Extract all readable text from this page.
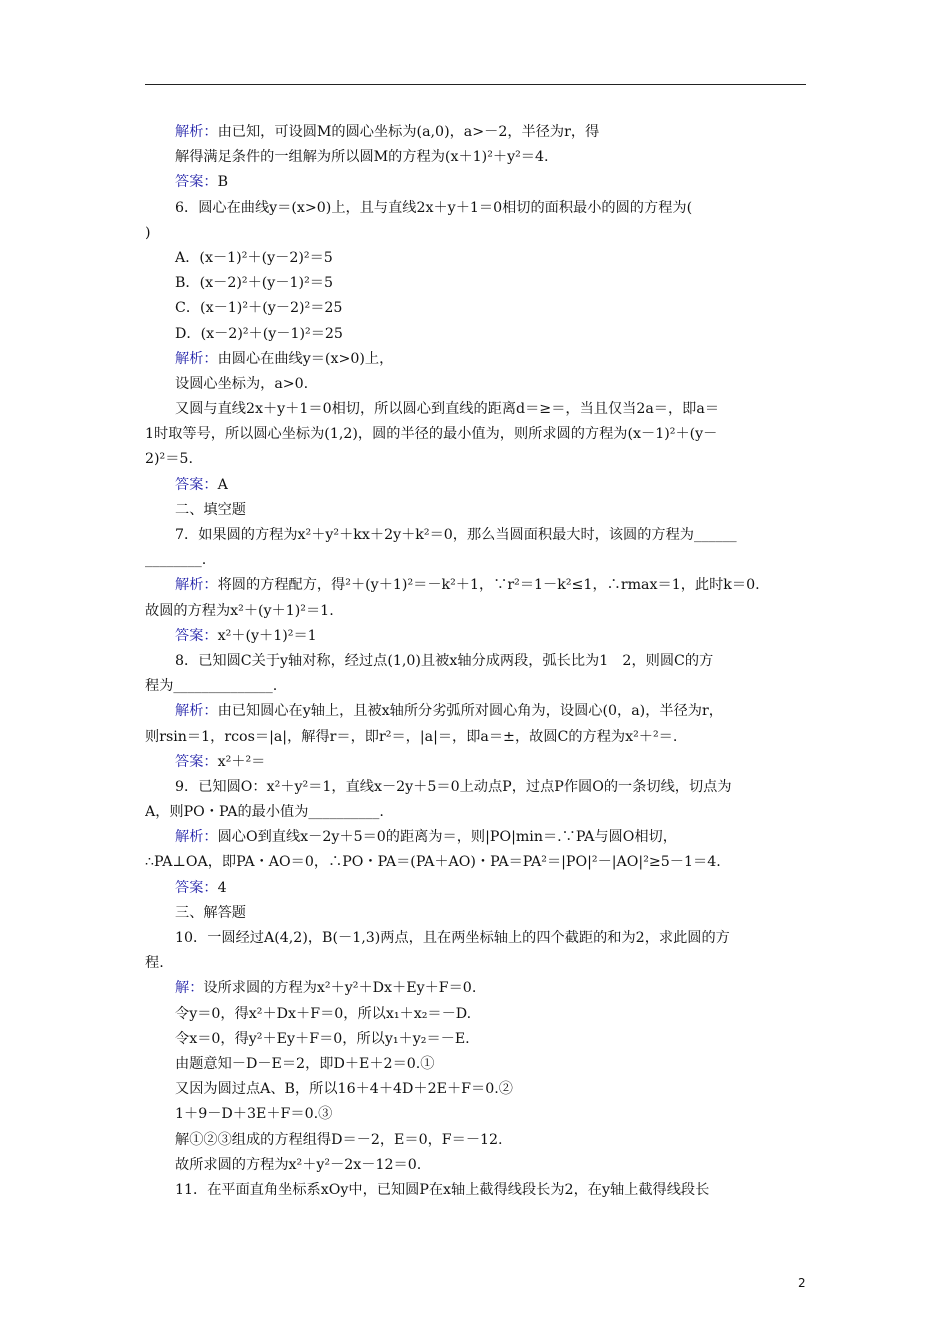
解析：由已知，可设圆M的圆心坐标为(a,0)，a>－2，半径为r，得
解得满足条件的一组解为所以圆M的方程为(x＋1)²＋y²＝4.
答案：B
6．圆心在曲线y＝(x>0)上，且与直线2x＋y＋1＝0相切的面积最小的圆的方程为(
)
A．(x－1)²＋(y－2)²＝5
B．(x－2)²＋(y－1)²＝5
C．(x－1)²＋(y－2)²＝25
D．(x－2)²＋(y－1)²＝25
解析：由圆心在曲线y＝(x>0)上，
设圆心坐标为，a>0.
又圆与直线2x＋y＋1＝0相切，所以圆心到直线的距离d＝≥＝，当且仅当2a＝，即a＝
1时取等号，所以圆心坐标为(1,2)，圆的半径的最小值为，则所求圆的方程为(x－1)²＋(y－
2)²＝5.
答案：A
二、填空题
7．如果圆的方程为x²＋y²＋kx＋2y＋k²＝0，那么当圆面积最大时，该圆的方程为______
________.
解析：将圆的方程配方，得²＋(y＋1)²＝－k²＋1，∵r²＝1－k²≤1，∴rmax＝1，此时k＝0.
故圆的方程为x²＋(y＋1)²＝1.
答案：x²＋(y＋1)²＝1
8．已知圆C关于y轴对称，经过点(1,0)且被x轴分成两段，弧长比为1　2，则圆C的方
程为______________.
解析：由已知圆心在y轴上，且被x轴所分劣弧所对圆心角为，设圆心(0，a)，半径为r，
则rsin＝1，rcos＝|a|，解得r＝，即r²＝，|a|＝，即a＝±，故圆C的方程为x²＋²＝.
答案：x²＋²＝
9．已知圆O：x²＋y²＝1，直线x－2y＋5＝0上动点P，过点P作圆O的一条切线，切点为
A，则PO・PA的最小值为__________.
解析：圆心O到直线x－2y＋5＝0的距离为＝，则|PO|min＝.∵PA与圆O相切，
∴PA⊥OA，即PA・AO＝0，∴PO・PA＝(PA＋AO)・PA＝PA²＝|PO|²－|AO|²≥5－1＝4.
答案：4
三、解答题
10．一圆经过A(4,2)，B(－1,3)两点，且在两坐标轴上的四个截距的和为2，求此圆的方
程.
解：设所求圆的方程为x²＋y²＋Dx＋Ey＋F＝0.
令y＝0，得x²＋Dx＋F＝0，所以x₁＋x₂＝－D.
令x＝0，得y²＋Ey＋F＝0，所以y₁＋y₂＝－E.
由题意知－D－E＝2，即D＋E＋2＝0.①
又因为圆过点A、B，所以16＋4＋4D＋2E＋F＝0.②
1＋9－D＋3E＋F＝0.③
解①②③组成的方程组得D＝－2，E＝0，F＝－12.
故所求圆的方程为x²＋y²－2x－12＝0.
11．在平面直角坐标系xOy中，已知圆P在x轴上截得线段长为2，在y轴上截得线段长
2
